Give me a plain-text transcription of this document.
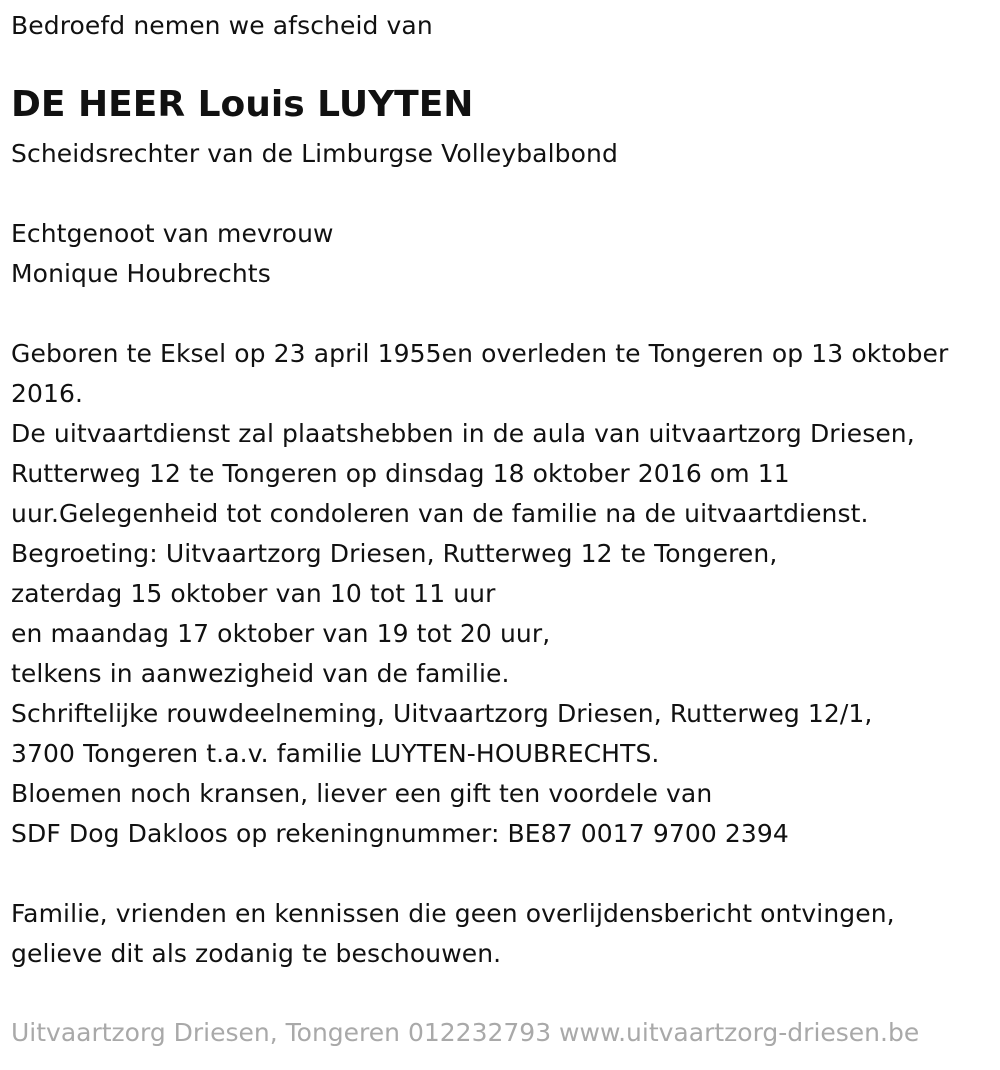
Bedroefd nemen we afscheid van
DE HEER Louis LUYTEN
Scheidsrechter van de Limburgse Volleybalbond
Echtgenoot van mevrouw
Monique Houbrechts
Geboren te Eksel op 23 april 1955en overleden te Tongeren op 13 oktober
2016.
De uitvaartdienst zal plaatshebben in de aula van uitvaartzorg Driesen,
Rutterweg 12 te Tongeren op dinsdag 18 oktober 2016 om 11
uur.Gelegenheid tot condoleren van de familie na de uitvaartdienst.
Begroeting: Uitvaartzorg Driesen, Rutterweg 12 te Tongeren,
zaterdag 15 oktober van 10 tot 11 uur
en maandag 17 oktober van 19 tot 20 uur,
telkens in aanwezigheid van de familie.
Schriftelijke rouwdeelneming, Uitvaartzorg Driesen, Rutterweg 12/1,
3700 Tongeren t.a.v. familie LUYTEN-HOUBRECHTS.
Bloemen noch kransen, liever een gift ten voordele van
SDF Dog Dakloos op rekeningnummer: BE87 0017 9700 2394
Familie, vrienden en kennissen die geen overlijdensbericht ontvingen,
gelieve dit als zodanig te beschouwen.
Uitvaartzorg Driesen, Tongeren 012232793 www.uitvaartzorg-driesen.be
